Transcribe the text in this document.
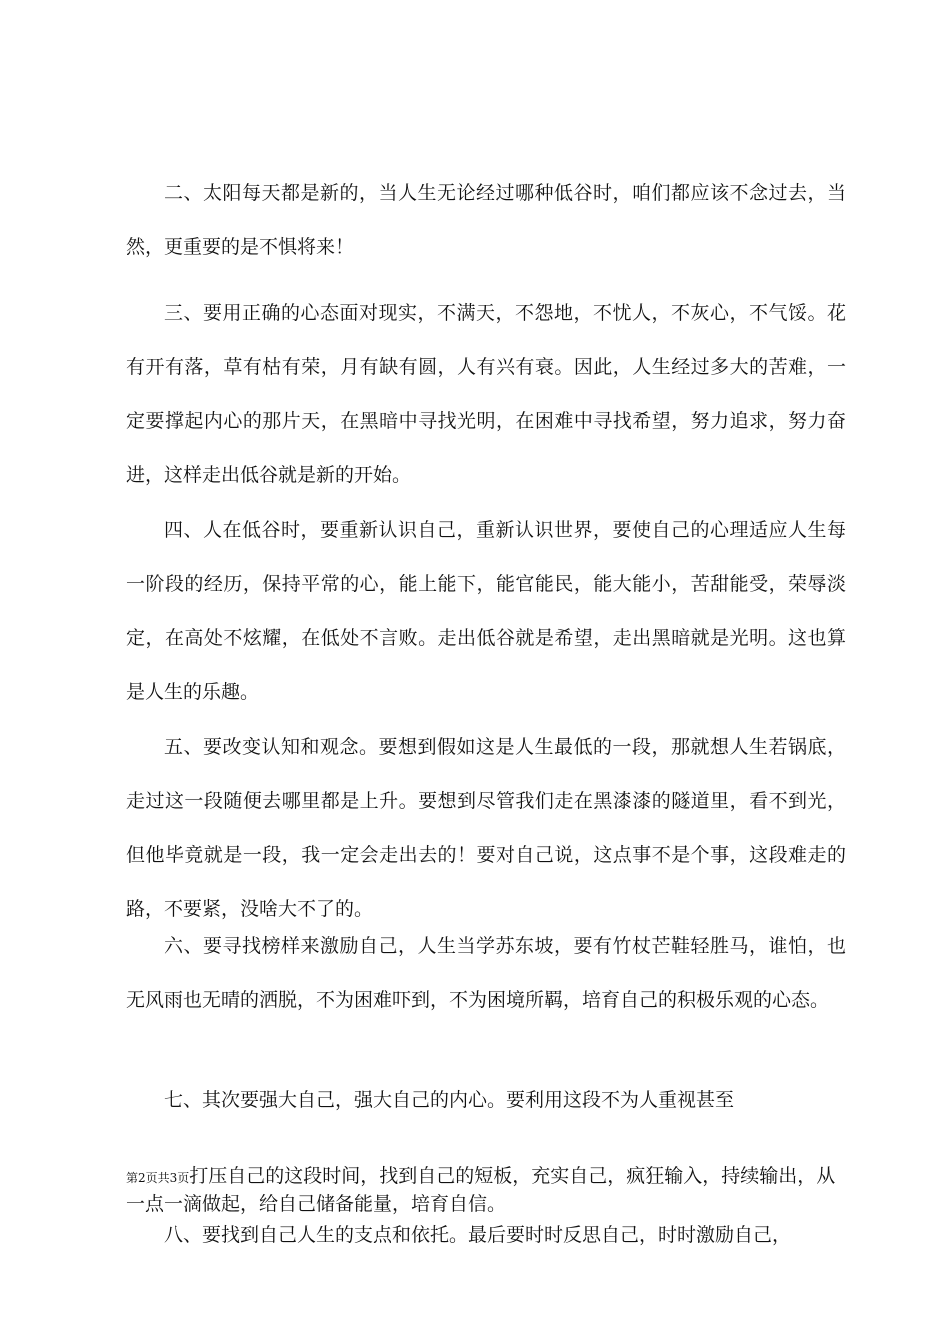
二、太阳每天都是新的，当人生无论经过哪种低谷时，咱们都应该不念过去，当然，更重要的是不惧将来！

三、要用正确的心态面对现实，不满天，不怨地，不忧人，不灰心，不气馁。花有开有落，草有枯有荣，月有缺有圆，人有兴有衰。因此，人生经过多大的苦难，一定要撑起内心的那片天，在黑暗中寻找光明，在困难中寻找希望，努力追求，努力奋进，这样走出低谷就是新的开始。

四、人在低谷时，要重新认识自己，重新认识世界，要使自己的心理适应人生每一阶段的经历，保持平常的心，能上能下，能官能民，能大能小，苦甜能受，荣辱淡定，在高处不炫耀，在低处不言败。走出低谷就是希望，走出黑暗就是光明。这也算是人生的乐趣。

五、要改变认知和观念。要想到假如这是人生最低的一段，那就想人生若锅底，走过这一段随便去哪里都是上升。要想到尽管我们走在黑漆漆的隧道里，看不到光，但他毕竟就是一段，我一定会走出去的！要对自己说，这点事不是个事，这段难走的路，不要紧，没啥大不了的。

六、要寻找榜样来激励自己，人生当学苏东坡，要有竹杖芒鞋轻胜马，谁怕，也无风雨也无晴的洒脱，不为困难吓到，不为困境所羁，培育自己的积极乐观的心态。

七、其次要强大自己，强大自己的内心。要利用这段不为人重视甚至

第2页共3页打压自己的这段时间，找到自己的短板，充实自己，疯狂输入，持续输出，从一点一滴做起，给自己储备能量，培育自信。

八、要找到自己人生的支点和依托。最后要时时反思自己，时时激励自己，
